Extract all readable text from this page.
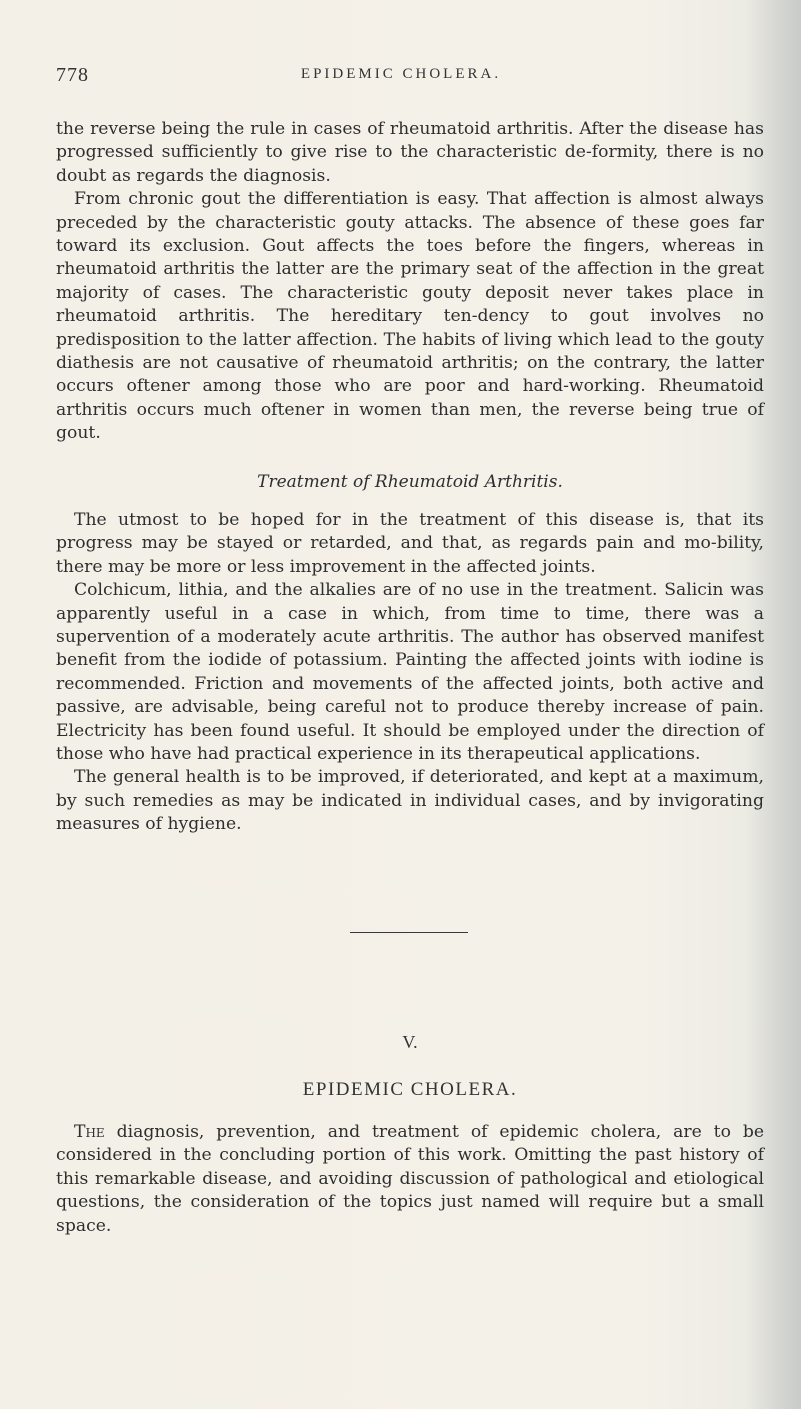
778	EPIDEMIC CHOLERA.

the reverse being the rule in cases of rheumatoid arthritis. After the disease has progressed sufficiently to give rise to the characteristic de-formity, there is no doubt as regards the diagnosis.

From chronic gout the differentiation is easy. That affection is almost always preceded by the characteristic gouty attacks. The absence of these goes far toward its exclusion. Gout affects the toes before the fingers, whereas in rheumatoid arthritis the latter are the primary seat of the affection in the great majority of cases. The characteristic gouty deposit never takes place in rheumatoid arthritis. The hereditary ten-dency to gout involves no predisposition to the latter affection. The habits of living which lead to the gouty diathesis are not causative of rheumatoid arthritis; on the contrary, the latter occurs oftener among those who are poor and hard-working. Rheumatoid arthritis occurs much oftener in women than men, the reverse being true of gout.

Treatment of Rheumatoid Arthritis.

The utmost to be hoped for in the treatment of this disease is, that its progress may be stayed or retarded, and that, as regards pain and mo-bility, there may be more or less improvement in the affected joints.

Colchicum, lithia, and the alkalies are of no use in the treatment. Salicin was apparently useful in a case in which, from time to time, there was a supervention of a moderately acute arthritis. The author has observed manifest benefit from the iodide of potassium. Painting the affected joints with iodine is recommended. Friction and movements of the affected joints, both active and passive, are advisable, being careful not to produce thereby increase of pain. Electricity has been found useful. It should be employed under the direction of those who have had practical experience in its therapeutical applications.

The general health is to be improved, if deteriorated, and kept at a maximum, by such remedies as may be indicated in individual cases, and by invigorating measures of hygiene.

V.
EPIDEMIC CHOLERA.

The diagnosis, prevention, and treatment of epidemic cholera, are to be considered in the concluding portion of this work. Omitting the past history of this remarkable disease, and avoiding discussion of pathological and etiological questions, the consideration of the topics just named will require but a small space.
